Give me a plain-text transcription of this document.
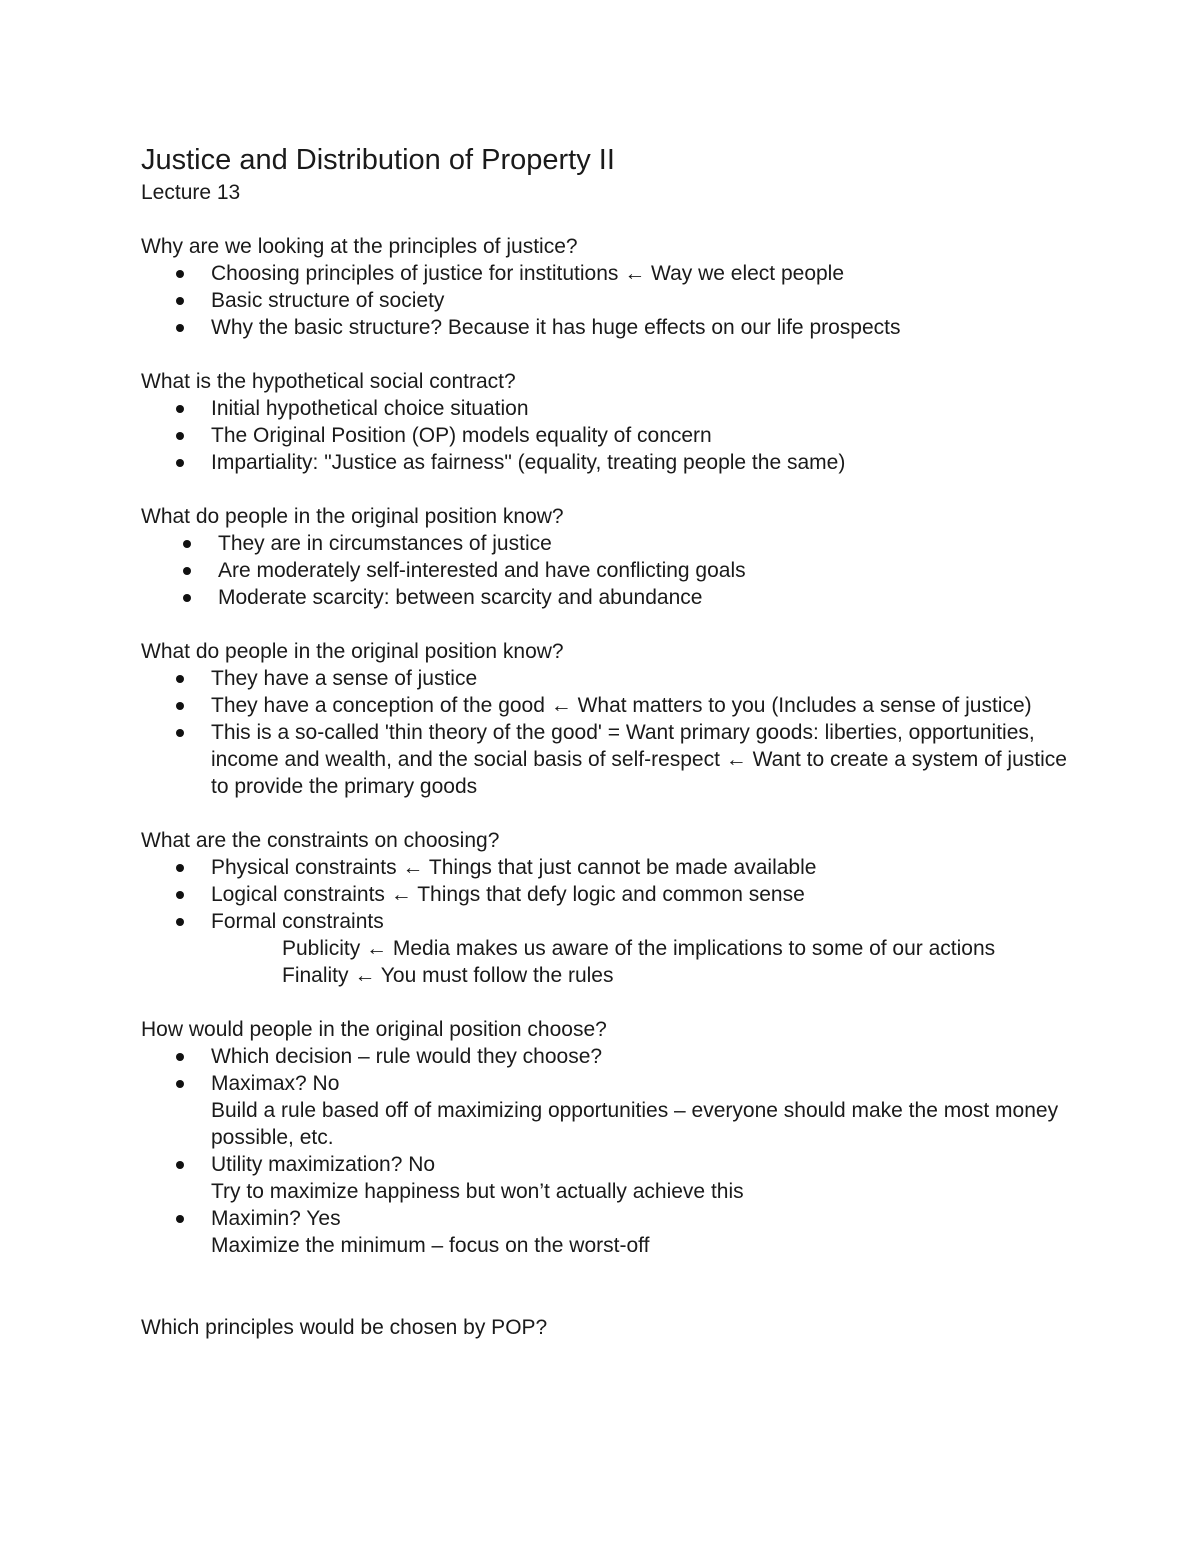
Justice and Distribution of Property II
Lecture 13
Why are we looking at the principles of justice?
Choosing principles of justice for institutions ← Way we elect people
Basic structure of society
Why the basic structure? Because it has huge effects on our life prospects
What is the hypothetical social contract?
Initial hypothetical choice situation
The Original Position (OP) models equality of concern
Impartiality: "Justice as fairness" (equality, treating people the same)
What do people in the original position know?
They are in circumstances of justice
Are moderately self-interested and have conflicting goals
Moderate scarcity: between scarcity and abundance
What do people in the original position know?
They have a sense of justice
They have a conception of the good ← What matters to you (Includes a sense of justice)
This is a so-called 'thin theory of the good' = Want primary goods: liberties, opportunities, income and wealth, and the social basis of self-respect ← Want to create a system of justice to provide the primary goods
What are the constraints on choosing?
Physical constraints ← Things that just cannot be made available
Logical constraints ← Things that defy logic and common sense
Formal constraints
Publicity ← Media makes us aware of the implications to some of our actions
Finality ← You must follow the rules
How would people in the original position choose?
Which decision – rule would they choose?
Maximax? No
Build a rule based off of maximizing opportunities – everyone should make the most money possible, etc.
Utility maximization? No
Try to maximize happiness but won’t actually achieve this
Maximin? Yes
Maximize the minimum – focus on the worst-off
Which principles would be chosen by POP?
